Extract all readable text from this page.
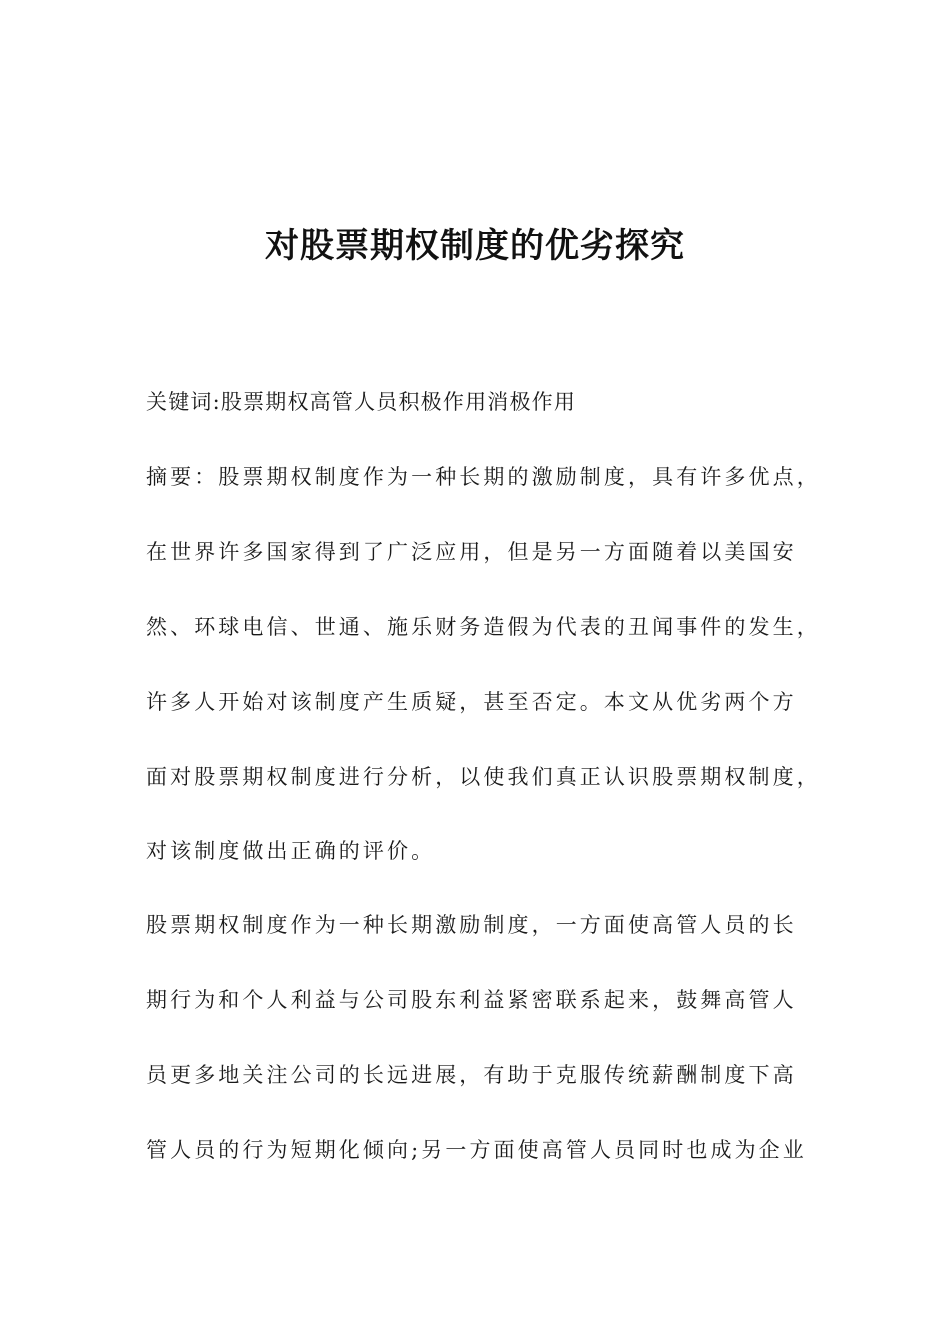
对股票期权制度的优劣探究
关键词:股票期权高管人员积极作用消极作用
摘要：股票期权制度作为一种长期的激励制度，具有许多优点，
在世界许多国家得到了广泛应用，但是另一方面随着以美国安
然、环球电信、世通、施乐财务造假为代表的丑闻事件的发生，
许多人开始对该制度产生质疑，甚至否定。本文从优劣两个方
面对股票期权制度进行分析，以使我们真正认识股票期权制度，
对该制度做出正确的评价。
股票期权制度作为一种长期激励制度，一方面使高管人员的长
期行为和个人利益与公司股东利益紧密联系起来，鼓舞高管人
员更多地关注公司的长远进展，有助于克服传统薪酬制度下高
管人员的行为短期化倾向;另一方面使高管人员同时也成为企业
